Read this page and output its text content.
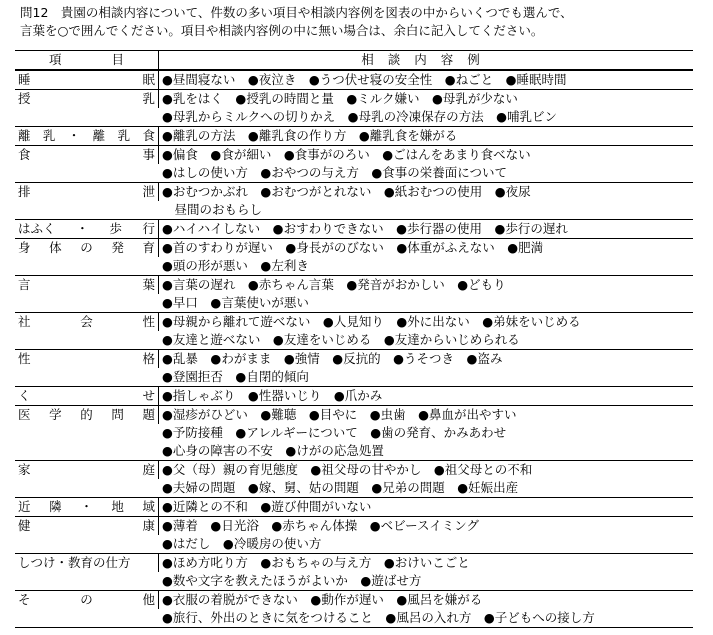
問12　貴園の相談内容について、件数の多い項目や相談内容例を図表の中からいくつでも選んで、
言葉を○で囲んでください。項目や相談内容例の中に無い場合は、余白に記入してください。
項	目	相談内容例
睡	眠 ●昼間寝ない　●夜泣き　●うつ伏せ寝の安全性　●ねごと　●睡眠時間
授	乳 ●乳をはく　●授乳の時間と量　●ミルク嫌い　●母乳が少ない
●母乳からミルクへの切りかえ　●母乳の冷凍保存の方法　●哺乳ビン
離 乳 ・ 離 乳 食 ●離乳の方法　●離乳食の作り方　●離乳食を嫌がる
食	事 ●偏食　●食が細い　●食事がのろい　●ごはんをあまり食べない
●はしの使い方　●おやつの与え方　●食事の栄養面について
排	泄 ●おむつかぶれ　●おむつがとれない　●紙おむつの使用　●夜尿
　昼間のおもらし
はふく ・ 歩 行 ●ハイハイしない　●おすわりできない　●歩行器の使用　●歩行の遅れ
身 体 の 発 育 ●首のすわりが遅い　●身長がのびない　●体重がふえない　●肥満
●頭の形が悪い　●左利き
言	葉 ●言葉の遅れ　●赤ちゃん言葉　●発音がおかしい　●どもり
●早口　●言葉使いが悪い
社	会	性 ●母親から離れて遊べない　●人見知り　●外に出ない　●弟妹をいじめる
●友達と遊べない　●友達をいじめる　●友達からいじめられる
性	格 ●乱暴　●わがまま　●強情　●反抗的　●うそつき　●盗み
●登園拒否　●自閉的傾向
く	せ ●指しゃぶり　●性器いじり　●爪かみ
医 学 的 問 題 ●湿疹がひどい　●難聴　●目やに　●虫歯　●鼻血が出やすい
●予防接種　●アレルギーについて　●歯の発育、かみあわせ
●心身の障害の不安　●けがの応急処置
家	庭 ●父（母）親の育児態度　●祖父母の甘やかし　●祖父母との不和
●夫婦の問題　●嫁、舅、姑の問題　●兄弟の問題　●妊娠出産
近 隣 ・ 地 域 ●近隣との不和　●遊び仲間がいない
健	康 ●薄着　●日光浴　●赤ちゃん体操　●ベビースイミング
●はだし　●冷暖房の使い方
しつけ・教育の仕方	●ほめ方叱り方　●おもちゃの与え方　●おけいこごと
●数や文字を教えたほうがよいか　●遊ばせ方
そ	の	他 ●衣服の着脱ができない　●動作が遅い　●風呂を嫌がる
●旅行、外出のときに気をつけること　●風呂の入れ方　●子どもへの接し方
